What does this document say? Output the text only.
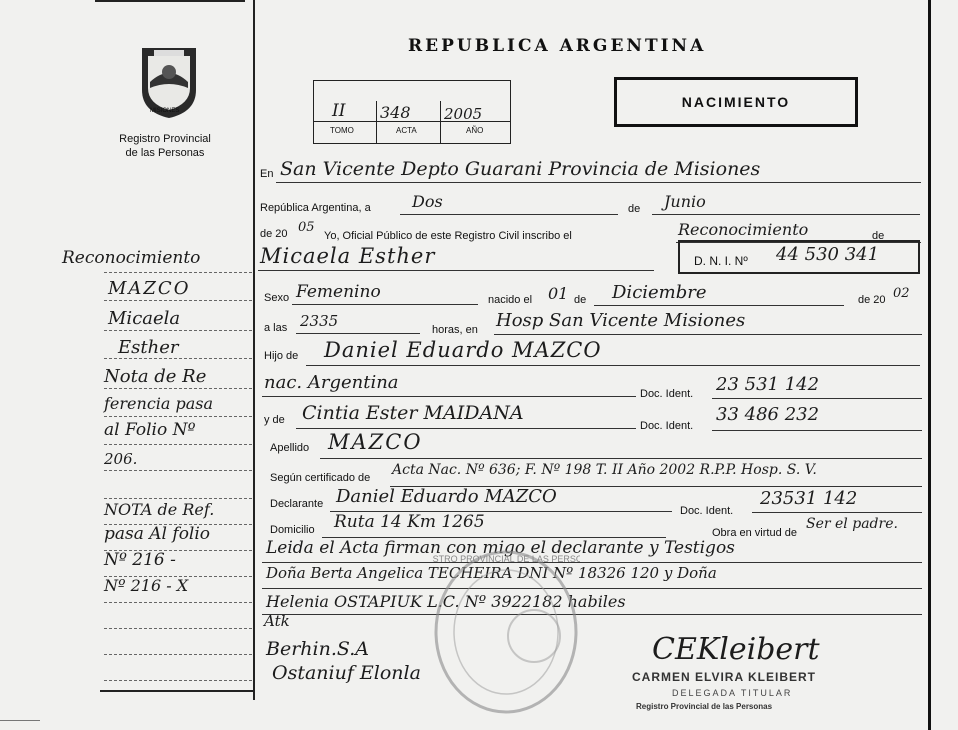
MISIONES
Registro Provincial
de las Personas
REPUBLICA ARGENTINA
NACIMIENTO
II 348 2005
TOMO	ACTA	AÑO
En San Vicente Depto Guarani Provincia de Misiones
República Argentina, a	Dos	de Junio
de 20 05
Yo, Oficial Público de este Registro Civil inscribo el	Reconocimiento	de
Micaela Esther	D. N. I. Nº 44 530 341
Sexo Femenino	nacido el 01 de Diciembre	de 20 02
a las 2335	horas, en Hosp San Vicente Misiones
Hijo de Daniel Eduardo MAZCO
nac. Argentina
Doc. Ident. 23 531 142
y de Cintia Ester MAIDANA
Doc. Ident.
33 486 232
Apellido MAZCO
Según certificado de Acta Nac. Nº 636; F. Nº 198 T. II Año 2002 R.P.P. Hosp. S. V.
Declarante Daniel Eduardo MAZCO
Doc. Ident.
23531 142
Domicilio Ruta 14 Km 1265
Obra en virtud de
Ser el padre.
Leida el Acta firman con migo el declarante y Testigos
Doña Berta Angelica TECHEIRA DNI Nº 18326 120 y Doña
Helenia OSTAPIUK L.C. Nº 3922182 habiles
STRO PROVINCIAL DE LAS PERSO
Atk
Berhin.S.A
Ostaniuf Elonla
CEKleibert
CARMEN ELVIRA KLEIBERT
DELEGADA TITULAR
Registro Provincial de las Personas
Reconocimiento
MAZCO
Micaela
Esther
Nota de Re
ferencia pasa
al Folio Nº
206.
NOTA de Ref.
pasa Al folio
Nº 216 -
Nº 216 - X
